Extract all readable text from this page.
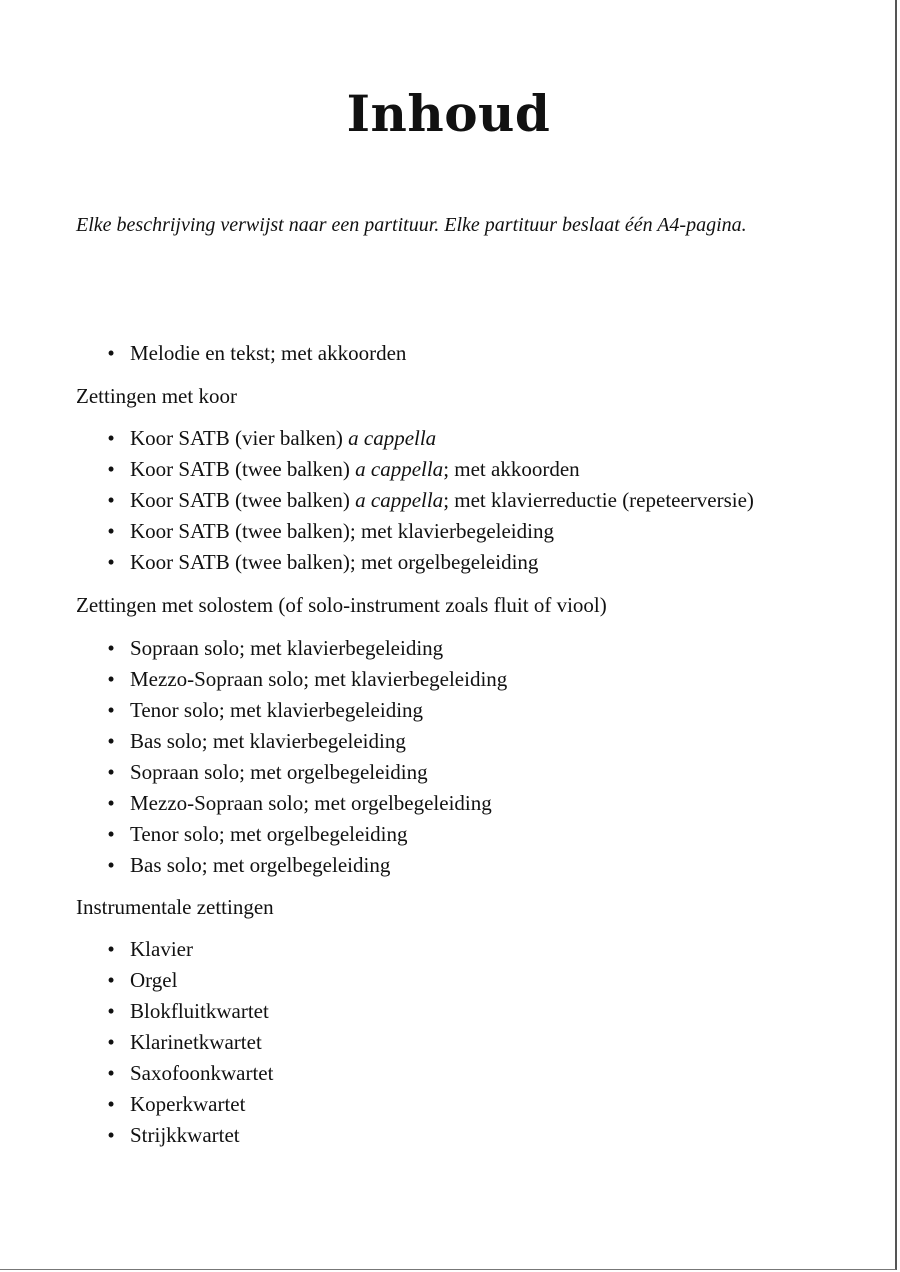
Inhoud

Elke beschrijving verwijst naar een partituur. Elke partituur beslaat één A4-pagina.

• Melodie en tekst; met akkoorden
Zettingen met koor
• Koor SATB (vier balken) a cappella
• Koor SATB (twee balken) a cappella; met akkoorden
• Koor SATB (twee balken) a cappella; met klavierreductie (repeteerversie)
• Koor SATB (twee balken); met klavierbegeleiding
• Koor SATB (twee balken); met orgelbegeleiding
Zettingen met solostem (of solo-instrument zoals fluit of viool)
• Sopraan solo; met klavierbegeleiding
• Mezzo-Sopraan solo; met klavierbegeleiding
• Tenor solo; met klavierbegeleiding
• Bas solo; met klavierbegeleiding
• Sopraan solo; met orgelbegeleiding
• Mezzo-Sopraan solo; met orgelbegeleiding
• Tenor solo; met orgelbegeleiding
• Bas solo; met orgelbegeleiding
Instrumentale zettingen
• Klavier
• Orgel
• Blokfluitkwartet
• Klarinetkwartet
• Saxofoonkwartet
• Koperkwartet
• Strijkkwartet
